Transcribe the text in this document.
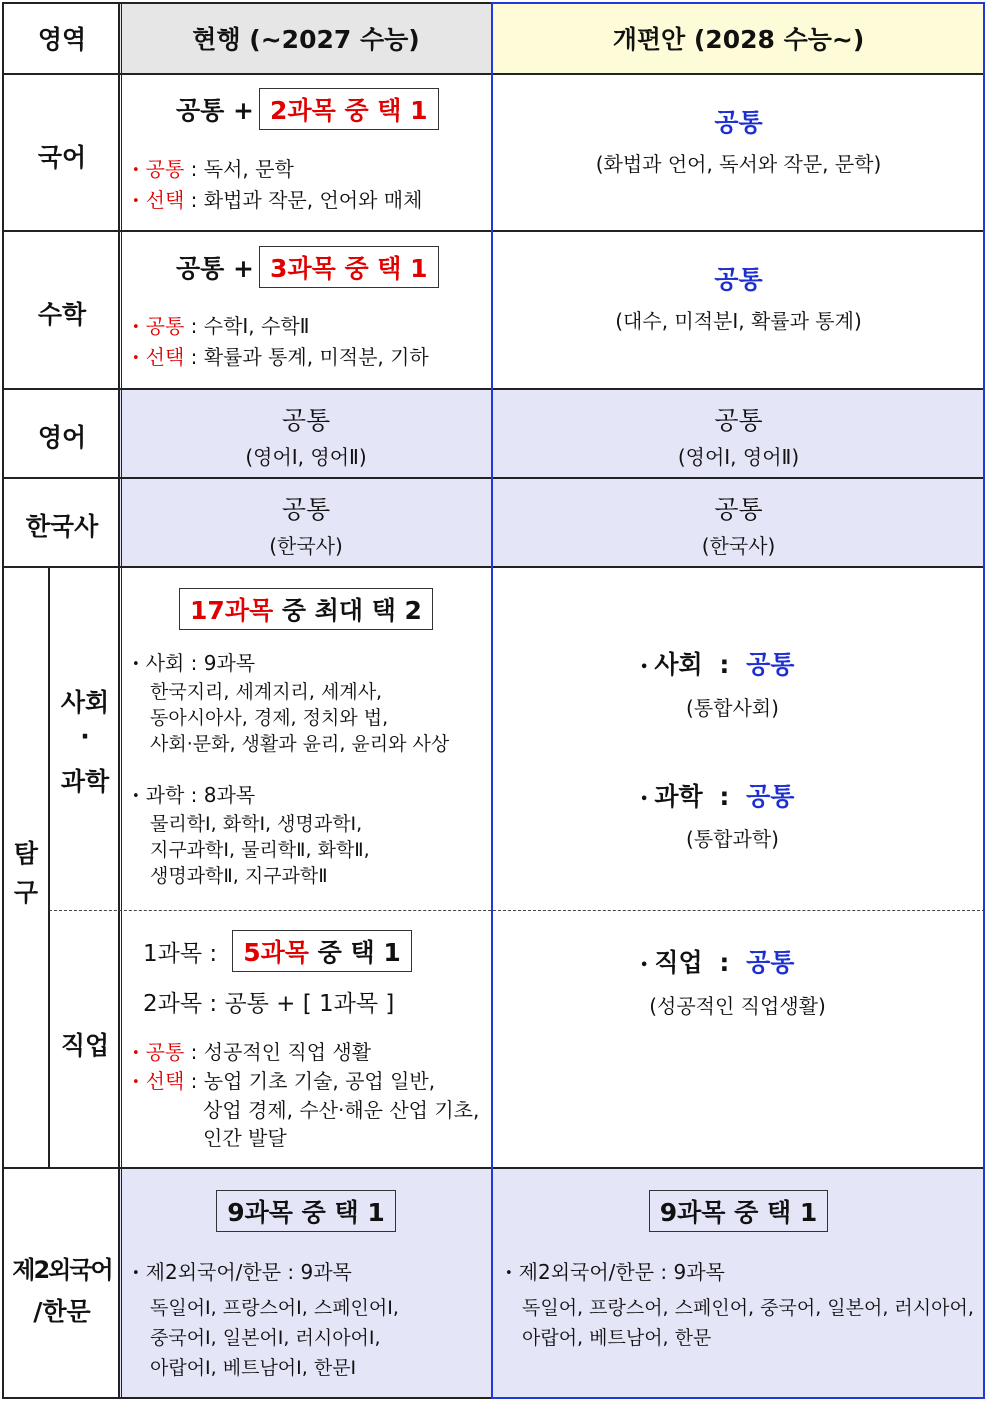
영역	현행 (~2027 수능)	개편안 (2028 수능~)
국어
공통 + 2과목 중 택 1
• 공통 : 독서, 문학
• 선택 : 화법과 작문, 언어와 매체
공통
(화법과 언어, 독서와 작문, 문학)
수학
공통 + 3과목 중 택 1
• 공통 : 수학Ⅰ, 수학Ⅱ
• 선택 : 확률과 통계, 미적분, 기하
공통
(대수, 미적분Ⅰ, 확률과 통계)
영어
공통
(영어Ⅰ, 영어Ⅱ)
공통
(영어Ⅰ, 영어Ⅱ)
한국사
공통
(한국사)
공통
(한국사)
탐
구
사회
·
과학
17과목 중 최대 택 2
• 사회 : 9과목
한국지리, 세계지리, 세계사,
동아시아사, 경제, 정치와 법,
사회·문화, 생활과 윤리, 윤리와 사상
• 과학 : 8과목
물리학Ⅰ, 화학Ⅰ, 생명과학Ⅰ,
지구과학Ⅰ, 물리학Ⅱ, 화학Ⅱ,
생명과학Ⅱ, 지구과학Ⅱ
• 사회 : 공통
(통합사회)
• 과학 : 공통
(통합과학)
직업
1과목 : 5과목 중 택 1
2과목 : 공통 + [ 1과목 ]
• 공통 : 성공적인 직업 생활
• 선택 : 농업 기초 기술, 공업 일반,
상업 경제, 수산·해운 산업 기초,
인간 발달
• 직업 : 공통
(성공적인 직업생활)
제2외국어
/한문
9과목 중 택 1
• 제2외국어/한문 : 9과목
독일어Ⅰ, 프랑스어Ⅰ, 스페인어Ⅰ,
중국어Ⅰ, 일본어Ⅰ, 러시아어Ⅰ,
아랍어Ⅰ, 베트남어Ⅰ, 한문Ⅰ
9과목 중 택 1
• 제2외국어/한문 : 9과목
독일어, 프랑스어, 스페인어, 중국어, 일본어, 러시아어,
아랍어, 베트남어, 한문
